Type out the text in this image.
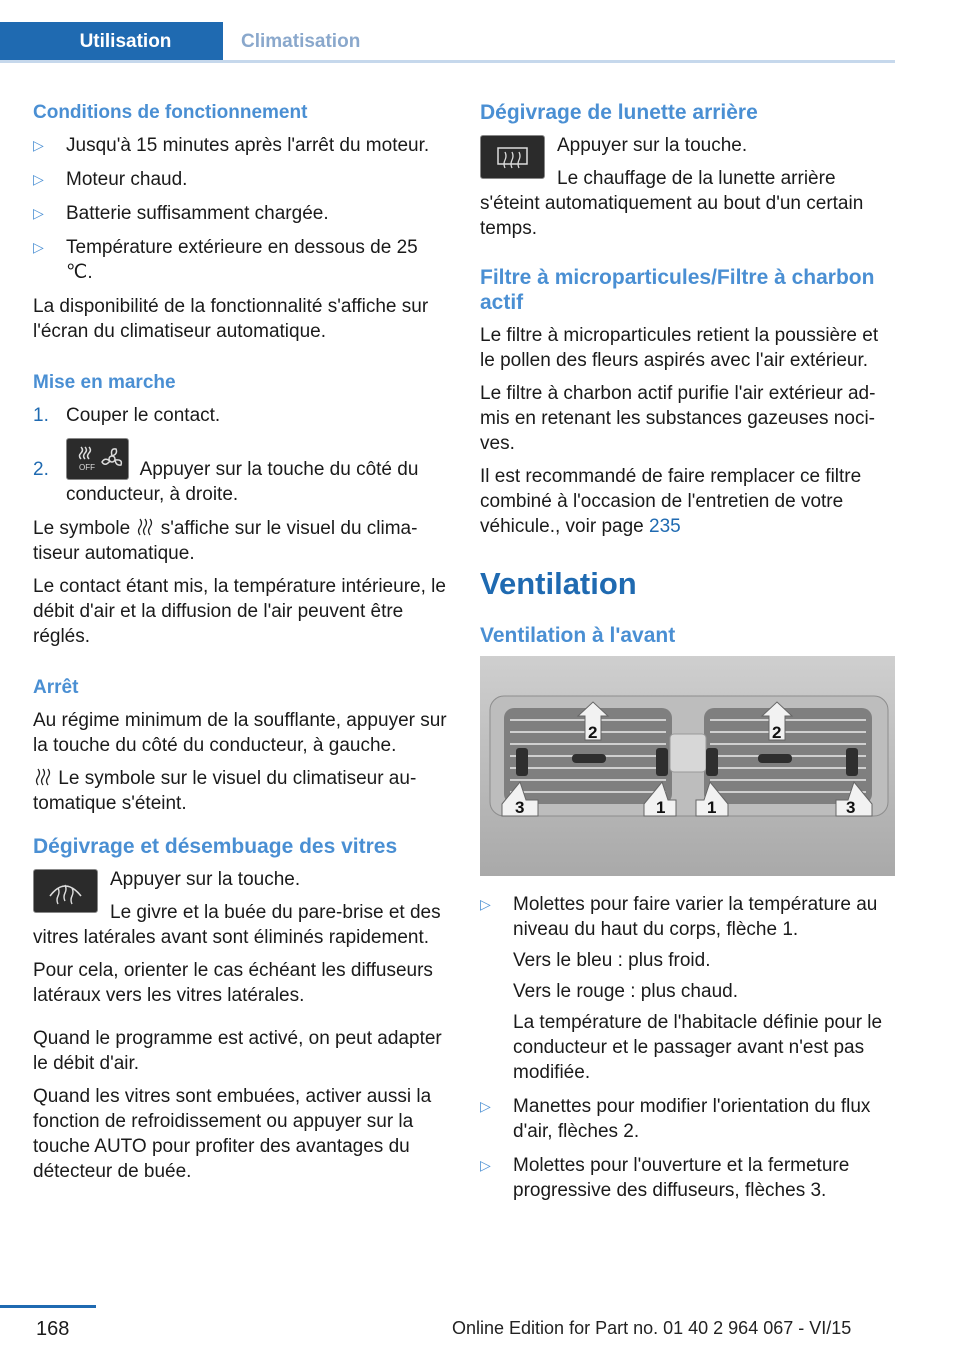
Utilisation	Climatisation
Conditions de fonctionnement
▷ Jusqu'à 15 minutes après l'arrêt du moteur.
▷ Moteur chaud.
▷ Batterie suffisamment chargée.
▷ Température extérieure en dessous de 25 ℃.

La disponibilité de la fonctionnalité s'affiche sur l'écran du climatiseur automatique.

Mise en marche
1. Couper le contact.
2.	OFF Appuyer sur la touche du côté du conducteur, à droite.

Le symbole s'affiche sur le visuel du climatiseur automatique.

Le contact étant mis, la température intérieure, le débit d'air et la diffusion de l'air peuvent être réglés.

Arrêt

Au régime minimum de la soufflante, appuyer sur la touche du côté du conducteur, à gauche.

Le symbole sur le visuel du climatiseur automatique s'éteint.

Dégivrage et désembuage des vitres

Appuyer sur la touche.

Le givre et la buée du pare-brise et des vitres latérales avant sont éliminés rapidement.

Pour cela, orienter le cas échéant les diffuseurs latéraux vers les vitres latérales.

Quand le programme est activé, on peut adapter le débit d'air.

Quand les vitres sont embuées, activer aussi la fonction de refroidissement ou appuyer sur la touche AUTO pour profiter des avantages du détecteur de buée.

Dégivrage de lunette arrière

Appuyer sur la touche.

Le chauffage de la lunette arrière s'éteint automatiquement au bout d'un certain temps.

Filtre à microparticules/Filtre à charbon actif

Le filtre à microparticules retient la poussière et le pollen des fleurs aspirés avec l'air extérieur.

Le filtre à charbon actif purifie l'air extérieur admis en retenant les substances gazeuses nocives.

Il est recommandé de faire remplacer ce filtre combiné à l'occasion de l'entretien de votre véhicule., voir page 235

Ventilation
Ventilation à l'avant
2	2
3	1 1	3
▷ Molettes pour faire varier la température au niveau du haut du corps, flèche 1.
Vers le bleu : plus froid.
Vers le rouge : plus chaud.
La température de l'habitacle définie pour le conducteur et le passager avant n'est pas modifiée.
▷ Manettes pour modifier l'orientation du flux d'air, flèches 2.
▷ Molettes pour l'ouverture et la fermeture progressive des diffuseurs, flèches 3.
168	Online Edition for Part no. 01 40 2 964 067 - VI/15
